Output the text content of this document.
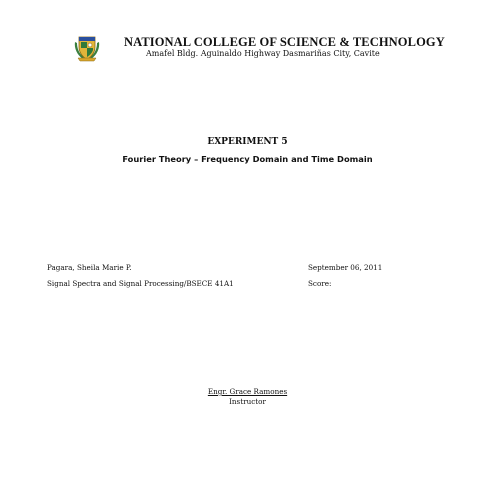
NATIONAL COLLEGE OF SCIENCE & TECHNOLOGY
Amafel Bldg. Aguinaldo Highway Dasmariñas City, Cavite
EXPERIMENT 5
Fourier Theory – Frequency Domain and Time Domain
Pagara, Sheila Marie P.
Signal Spectra and Signal Processing/BSECE 41A1
September 06, 2011
Score:
Engr. Grace Ramones
Instructor
